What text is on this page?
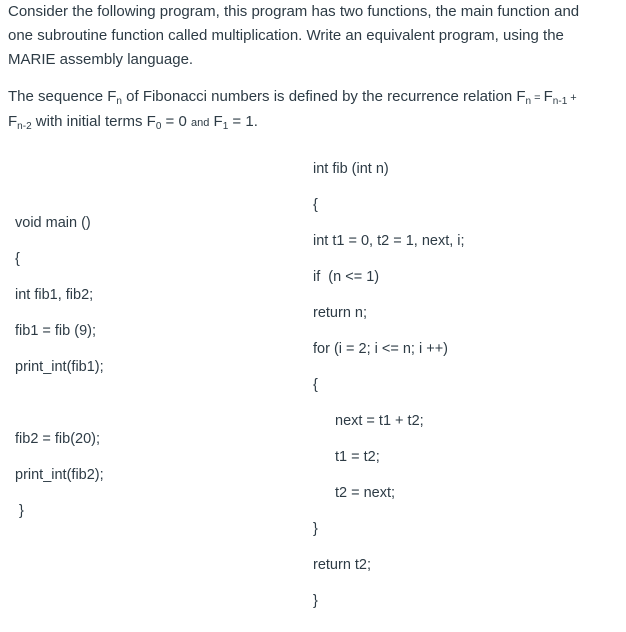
Consider the following program, this program has two functions, the main function and
one subroutine function called multiplication. Write an equivalent program, using the
MARIE assembly language.
The sequence $F_n$ of Fibonacci numbers is defined by the recurrence relation $F_n = F_{n-1}$ +
$F_{n-2}$ with initial terms $F_0 = 0$ and $F_1 = 1$.
void main ()
{
int fib1, fib2;
fib1 = fib (9);
print_int(fib1);
fib2 = fib(20);
print_int(fib2);
}
int fib (int n)
{
int t1 = 0, t2 = 1, next, i;
if  (n <= 1)
return n;
for (i = 2; i <= n; i ++)
{
next = t1 + t2;
t1 = t2;
t2 = next;
}
return t2;
}
